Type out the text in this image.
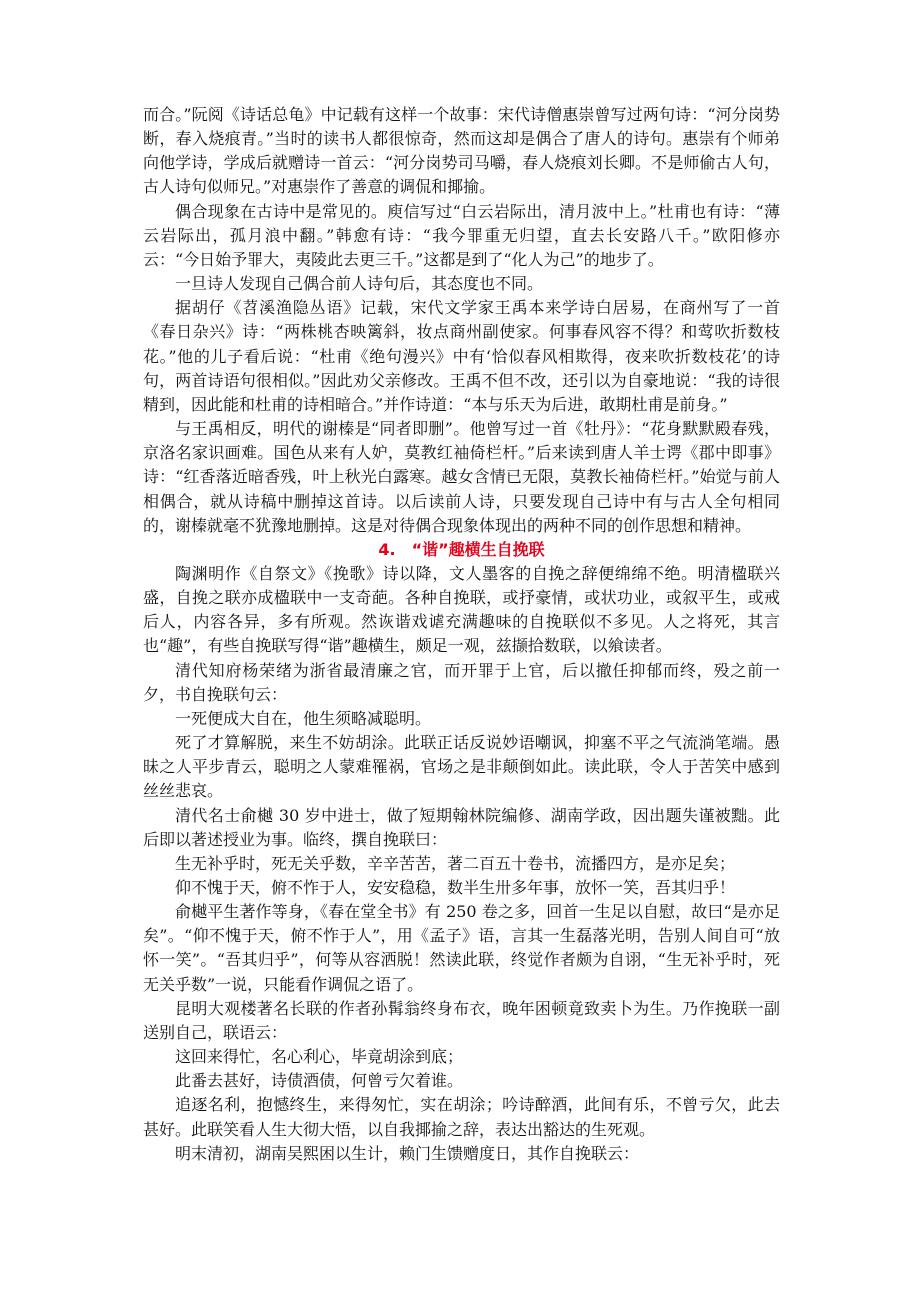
而合。”阮阅《诗话总龟》中记载有这样一个故事：宋代诗僧惠崇曾写过两句诗：“河分岗势断，春入烧痕青。”当时的读书人都很惊奇，然而这却是偶合了唐人的诗句。惠崇有个师弟向他学诗，学成后就赠诗一首云：“河分岗势司马嚼，春人烧痕刘长卿。不是师偷古人句，古人诗句似师兄。”对惠崇作了善意的调侃和揶揄。

偶合现象在古诗中是常见的。庾信写过“白云岩际出，清月波中上。”杜甫也有诗：“薄云岩际出，孤月浪中翻。”韩愈有诗：“我今罪重无归望，直去长安路八千。”欧阳修亦云：“今日始予罪大，夷陵此去更三千。”这都是到了“化人为己”的地步了。

一旦诗人发现自己偶合前人诗句后，其态度也不同。

据胡仔《苕溪渔隐丛语》记载，宋代文学家王禹本来学诗白居易，在商州写了一首《春日杂兴》诗：“两株桃杏映篱斜，妆点商州副使家。何事春风容不得？和莺吹折数枝花。”他的儿子看后说：“杜甫《绝句漫兴》中有‘恰似春风相欺得，夜来吹折数枝花’的诗句，两首诗语句很相似。”因此劝父亲修改。王禹不但不改，还引以为自豪地说：“我的诗很精到，因此能和杜甫的诗相暗合。”并作诗道：“本与乐天为后进，敢期杜甫是前身。”

与王禹相反，明代的谢榛是“同者即删”。他曾写过一首《牡丹》：“花身默默殿春残，京洛名家识画难。国色从来有人妒，莫教红袖倚栏杆。”后来读到唐人羊士谔《郡中即事》诗：“红香落近暗香残，叶上秋光白露寒。越女含情已无限，莫教长袖倚栏杆。”始觉与前人相偶合，就从诗稿中删掉这首诗。以后读前人诗，只要发现自己诗中有与古人全句相同的，谢榛就毫不犹豫地删掉。这是对待偶合现象体现出的两种不同的创作思想和精神。

4.　“谐”趣横生自挽联

陶渊明作《自祭文》《挽歌》诗以降，文人墨客的自挽之辞便绵绵不绝。明清楹联兴盛，自挽之联亦成楹联中一支奇葩。各种自挽联，或抒豪情，或状功业，或叙平生，或戒后人，内容各异，多有所观。然诙谐戏谑充满趣味的自挽联似不多见。人之将死，其言也“趣”，有些自挽联写得“谐”趣横生，颇足一观，兹撷拾数联，以飨读者。

清代知府杨荣绪为浙省最清廉之官，而开罪于上官，后以撤任抑郁而终，殁之前一夕，书自挽联句云：

一死便成大自在，他生须略减聪明。

死了才算解脱，来生不妨胡涂。此联正话反说妙语嘲讽，抑塞不平之气流淌笔端。愚昧之人平步青云，聪明之人蒙难罹祸，官场之是非颠倒如此。读此联，令人于苦笑中感到丝丝悲哀。

清代名士俞樾 30 岁中进士，做了短期翰林院编修、湖南学政，因出题失谨被黜。此后即以著述授业为事。临终，撰自挽联曰：

生无补乎时，死无关乎数，辛辛苦苦，著二百五十卷书，流播四方，是亦足矣；

仰不愧于天，俯不怍于人，安安稳稳，数半生卅多年事，放怀一笑，吾其归乎！

俞樾平生著作等身，《春在堂全书》有 250 卷之多，回首一生足以自慰，故曰“是亦足矣”。“仰不愧于天，俯不怍于人”，用《孟子》语，言其一生磊落光明，告别人间自可“放怀一笑”。“吾其归乎”，何等从容洒脱！然读此联，终觉作者颇为自诩，“生无补乎时，死无关乎数”一说，只能看作调侃之语了。

昆明大观楼著名长联的作者孙髯翁终身布衣，晚年困顿竟致卖卜为生。乃作挽联一副送别自己，联语云：

这回来得忙，名心利心，毕竟胡涂到底；

此番去甚好，诗债酒债，何曾亏欠着谁。

追逐名利，抱憾终生，来得匆忙，实在胡涂；吟诗醉酒，此间有乐，不曾亏欠，此去甚好。此联笑看人生大彻大悟，以自我揶揄之辞，表达出豁达的生死观。

明末清初，湖南吴熙困以生计，赖门生馈赠度日，其作自挽联云：
